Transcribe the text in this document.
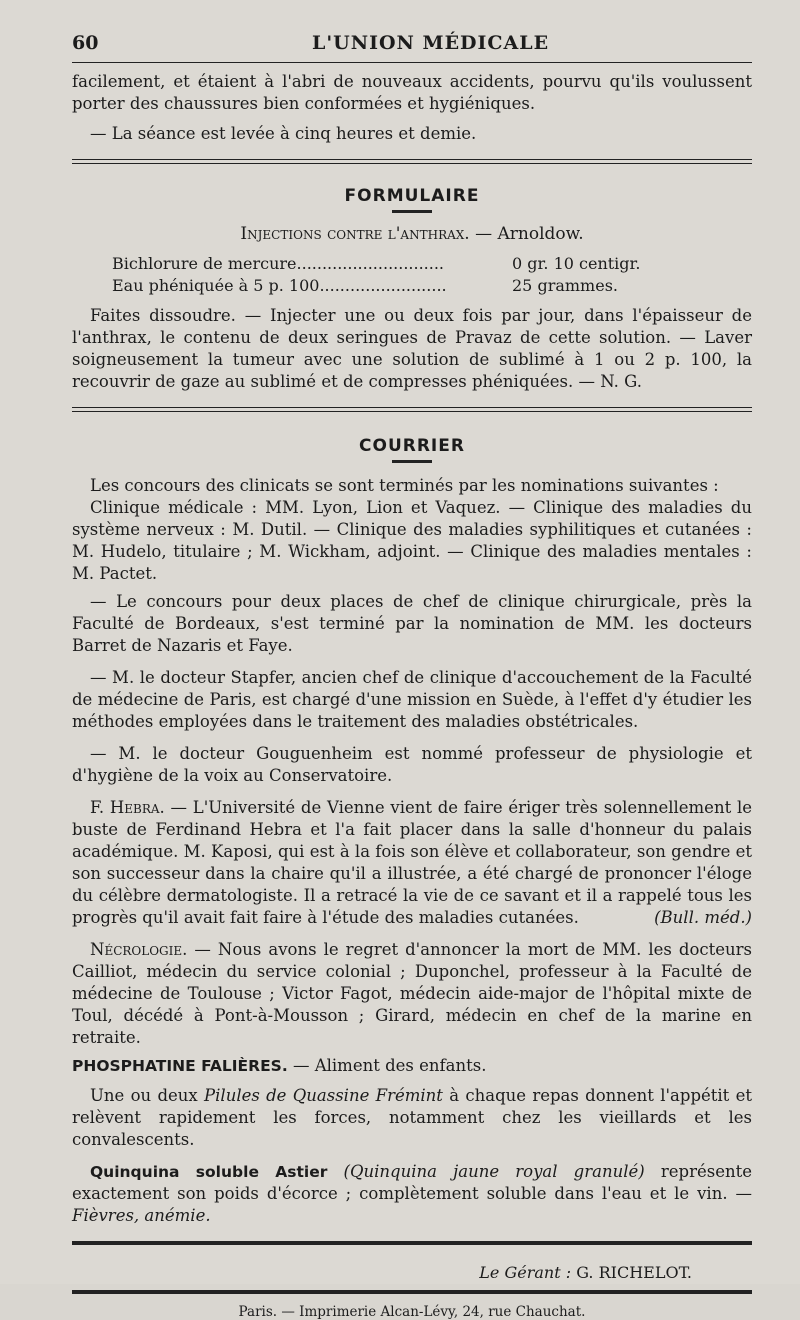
60	L'UNION MÉDICALE

facilement, et étaient à l'abri de nouveaux accidents, pourvu qu'ils voulussent porter des chaussures bien conformées et hygiéniques.

— La séance est levée à cinq heures et demie.

FORMULAIRE

Injections contre l'anthrax. — Arnoldow.

Bichlorure de mercure.............................	0 gr. 10 centigr.
Eau phéniquée à 5 p. 100.........................	25 grammes.

Faites dissoudre. — Injecter une ou deux fois par jour, dans l'épaisseur de l'anthrax, le contenu de deux seringues de Pravaz de cette solution. — Laver soigneusement la tumeur avec une solution de sublimé à 1 ou 2 p. 100, la recouvrir de gaze au sublimé et de compresses phéniquées. — N. G.

COURRIER

Les concours des clinicats se sont terminés par les nominations suivantes :

Clinique médicale : MM. Lyon, Lion et Vaquez. — Clinique des maladies du système nerveux : M. Dutil. — Clinique des maladies syphilitiques et cutanées : M. Hudelo, titulaire ; M. Wickham, adjoint. — Clinique des maladies mentales : M. Pactet.

— Le concours pour deux places de chef de clinique chirurgicale, près la Faculté de Bordeaux, s'est terminé par la nomination de MM. les docteurs Barret de Nazaris et Faye.

— M. le docteur Stapfer, ancien chef de clinique d'accouchement de la Faculté de médecine de Paris, est chargé d'une mission en Suède, à l'effet d'y étudier les méthodes employées dans le traitement des maladies obstétricales.

— M. le docteur Gouguenheim est nommé professeur de physiologie et d'hygiène de la voix au Conservatoire.

F. Hebra. — L'Université de Vienne vient de faire ériger très solennellement le buste de Ferdinand Hebra et l'a fait placer dans la salle d'honneur du palais académique. M. Kaposi, qui est à la fois son élève et collaborateur, son gendre et son successeur dans la chaire qu'il a illustrée, a été chargé de prononcer l'éloge du célèbre dermatologiste. Il a retracé la vie de ce savant et il a rappelé tous les progrès qu'il avait fait faire à l'étude des maladies cutanées.	(Bull. méd.)

Nécrologie. — Nous avons le regret d'annoncer la mort de MM. les docteurs Cailliot, médecin du service colonial ; Duponchel, professeur à la Faculté de médecine de Toulouse ; Victor Fagot, médecin aide-major de l'hôpital mixte de Toul, décédé à Pont-à-Mousson ; Girard, médecin en chef de la marine en retraite.

PHOSPHATINE FALIÈRES. — Aliment des enfants.

Une ou deux Pilules de Quassine Frémint à chaque repas donnent l'appétit et relèvent rapidement les forces, notamment chez les vieillards et les convalescents.

Quinquina soluble Astier (Quinquina jaune royal granulé) représente exactement son poids d'écorce ; complètement soluble dans l'eau et le vin. — Fièvres, anémie.

Le Gérant : G. RICHELOT.
Paris. — Imprimerie Alcan-Lévy, 24, rue Chauchat.
